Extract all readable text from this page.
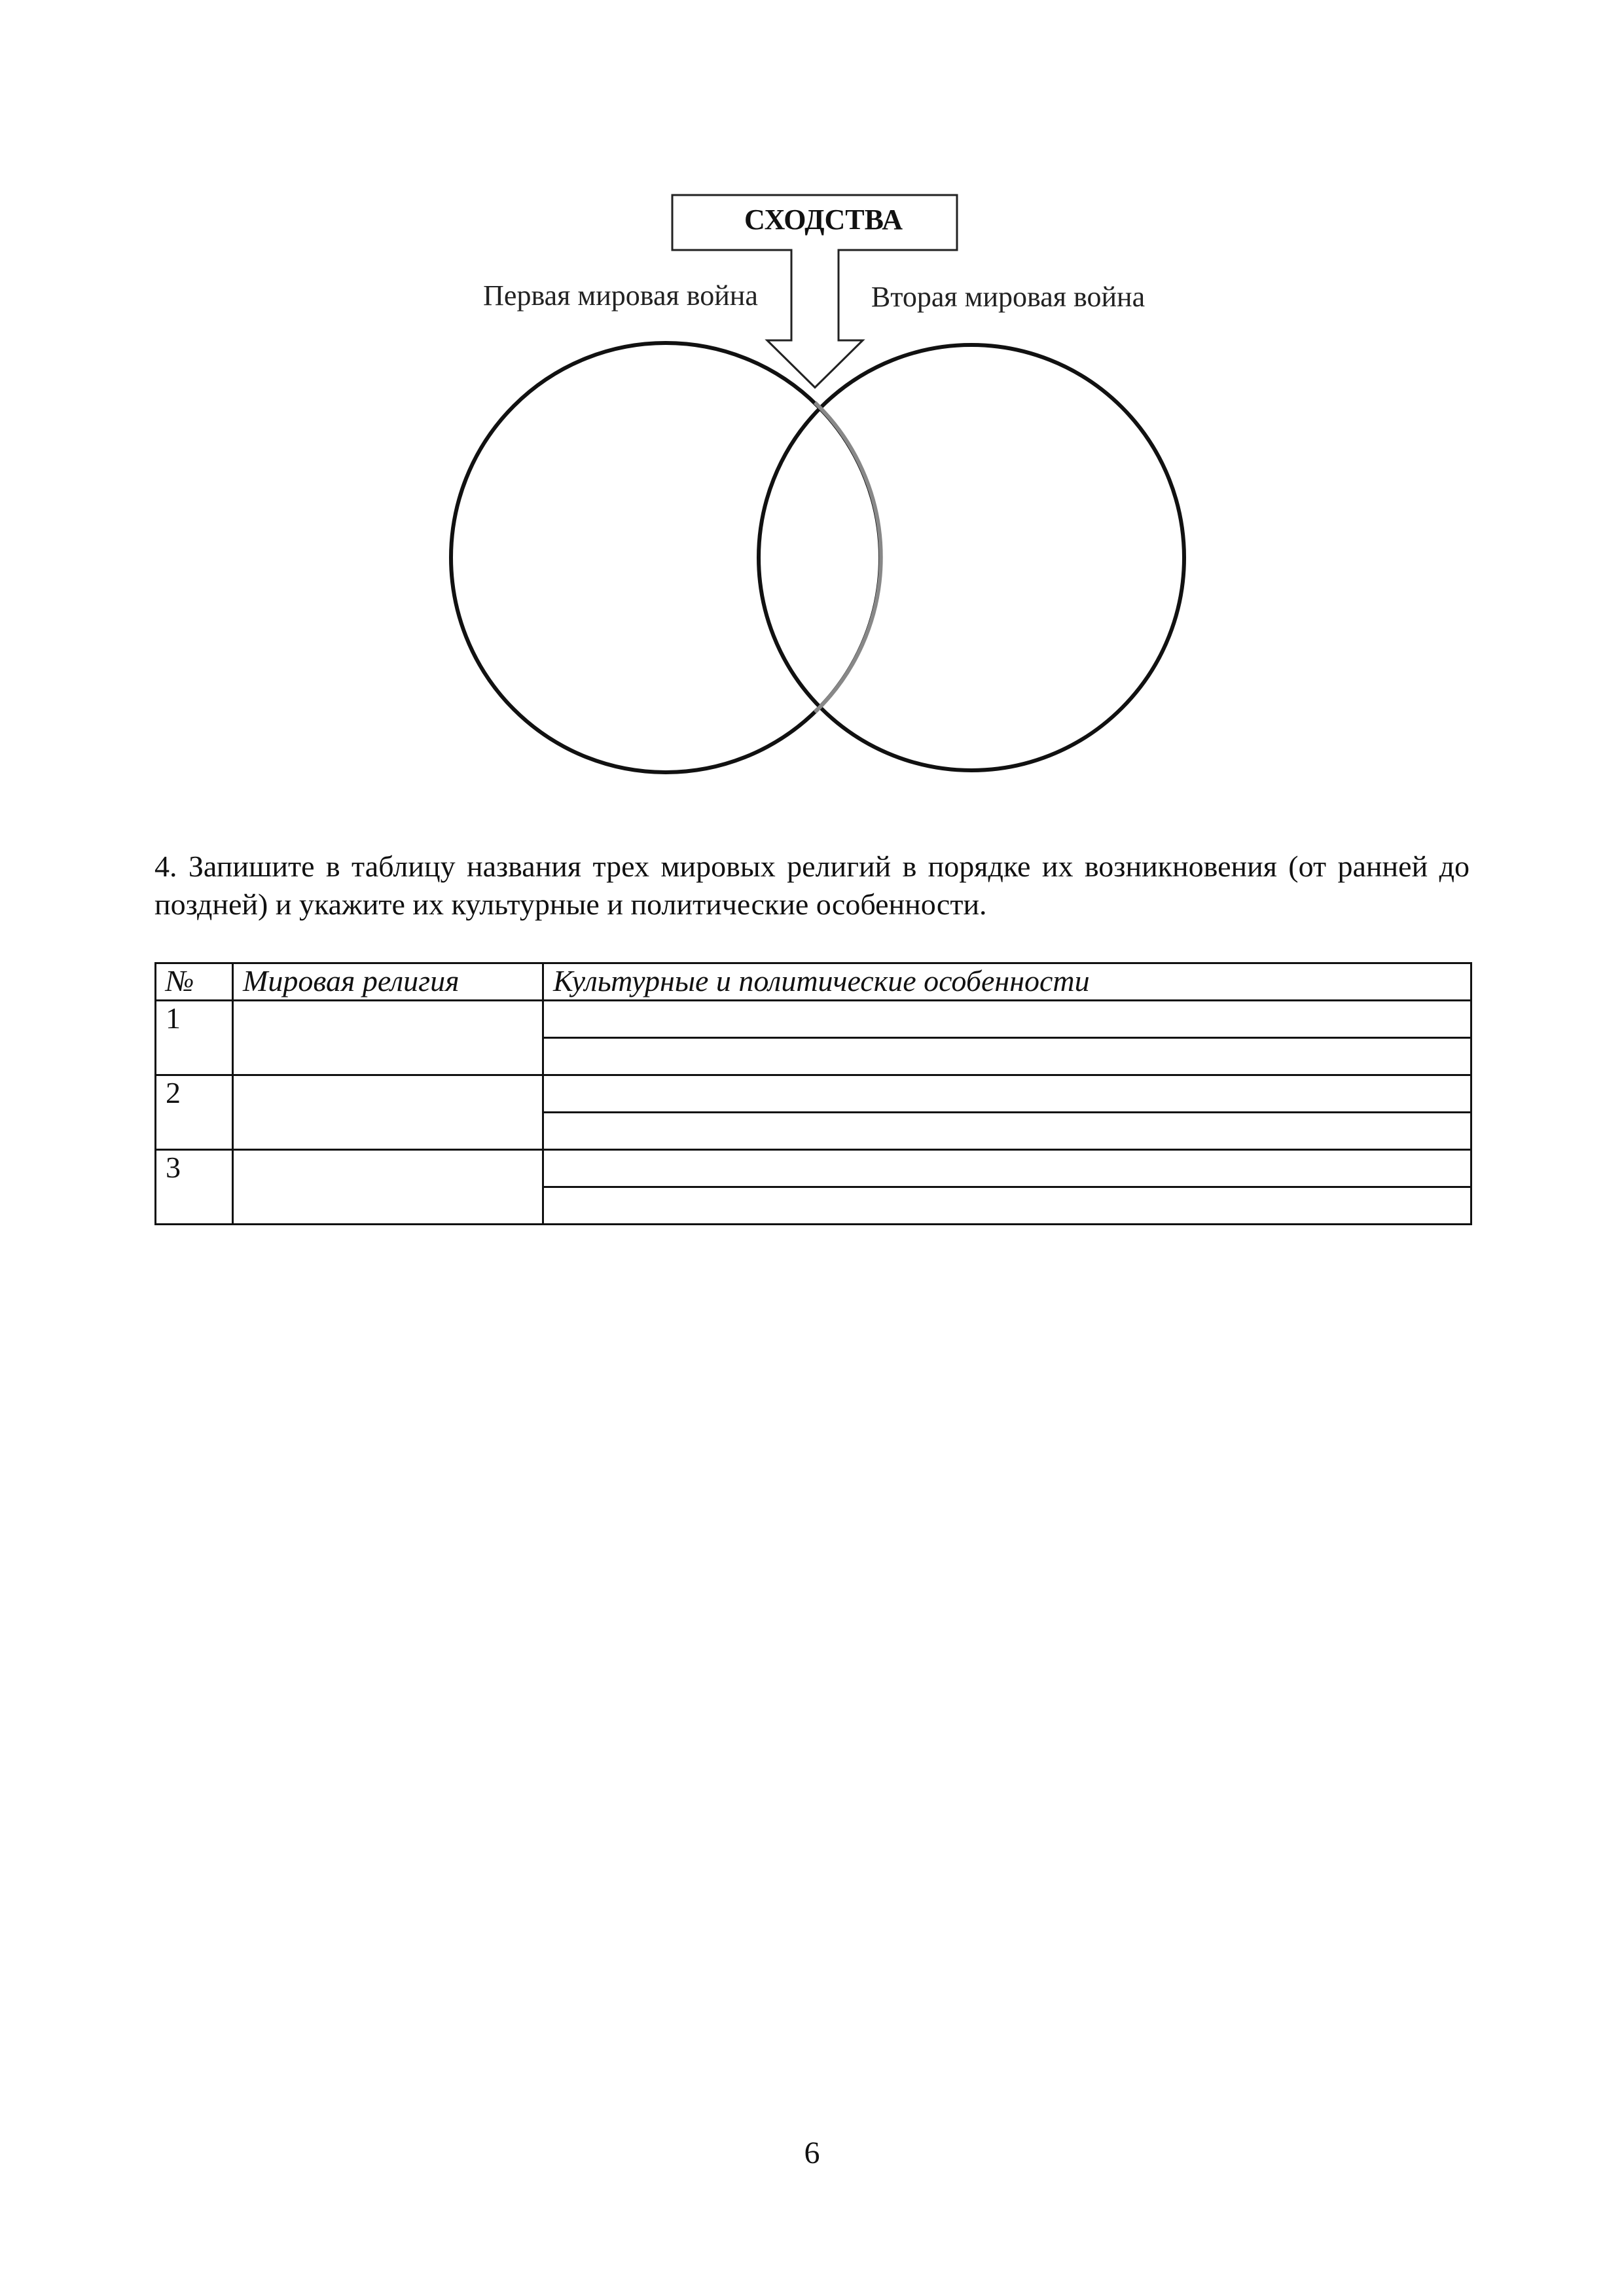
СХОДСТВА
Первая мировая война	Вторая мировая война

4. Запишите в таблицу названия трех мировых религий в порядке их возникновения (от ранней до поздней) и укажите их культурные и политические особенности.

№	Мировая религия	Культурные и политические особенности
1		

2		

3		

6
